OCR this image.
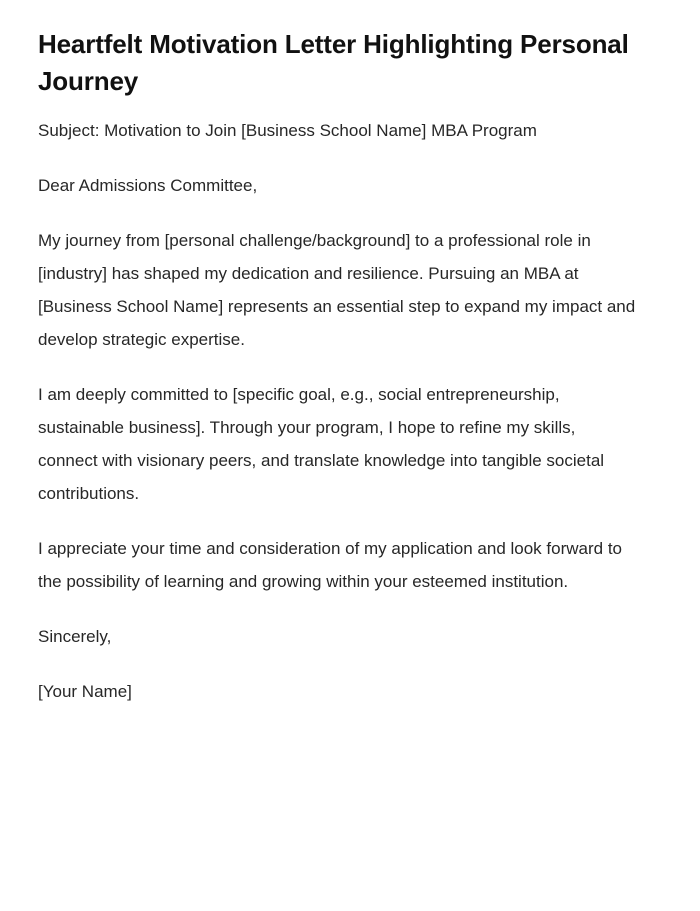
Heartfelt Motivation Letter Highlighting Personal Journey

Subject: Motivation to Join [Business School Name] MBA Program

Dear Admissions Committee,

My journey from [personal challenge/background] to a professional role in [industry] has shaped my dedication and resilience. Pursuing an MBA at [Business School Name] represents an essential step to expand my impact and develop strategic expertise.

I am deeply committed to [specific goal, e.g., social entrepreneurship, sustainable business]. Through your program, I hope to refine my skills, connect with visionary peers, and translate knowledge into tangible societal contributions.

I appreciate your time and consideration of my application and look forward to the possibility of learning and growing within your esteemed institution.

Sincerely,

[Your Name]
